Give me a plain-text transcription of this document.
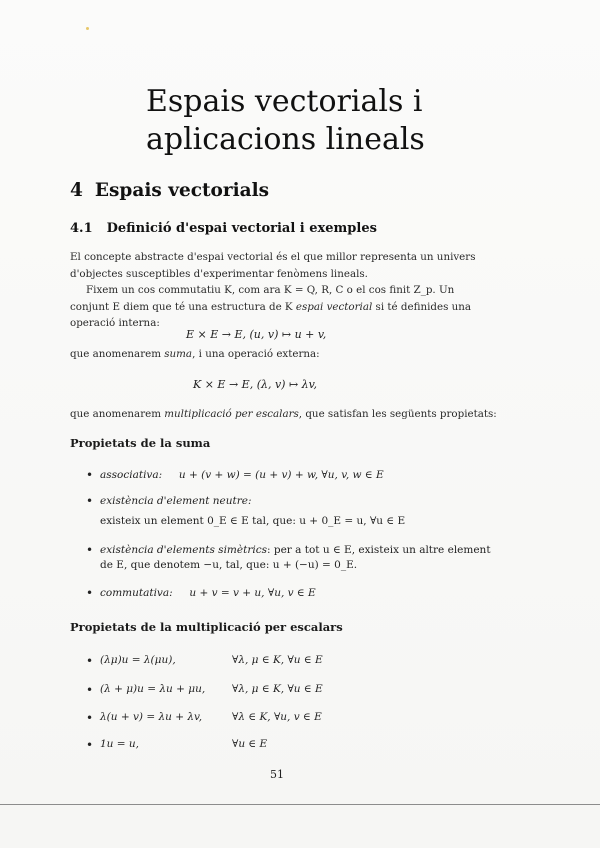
Espais vectorials i
aplicacions lineals
4 Espais vectorials
4.1 Definició d'espai vectorial i exemples
El concepte abstracte d'espai vectorial és el que millor representa un univers
d'objectes susceptibles d'experimentar fenòmens lineals.
Fixem un cos commutatiu K, com ara K = Q, R, C o el cos finit Z_p. Un
conjunt E diem que té una estructura de K espai vectorial si té definides una
operació interna:
E × E → E, (u, v) ↦ u + v,
que anomenarem suma, i una operació externa:
K × E → E, (λ, v) ↦ λv,
que anomenarem multiplicació per escalars, que satisfan les següents propietats:
Propietats de la suma
• associativa: u + (v + w) = (u + v) + w, ∀u, v, w ∈ E
• existència d'element neutre:
existeix un element 0_E ∈ E tal, que: u + 0_E = u, ∀u ∈ E
• existència d'elements simètrics: per a tot u ∈ E, existeix un altre element
de E, que denotem −u, tal, que: u + (−u) = 0_E.
• commutativa: u + v = v + u, ∀u, v ∈ E
Propietats de la multiplicació per escalars
• (λμ)u = λ(μu),	∀λ, μ ∈ K, ∀u ∈ E
• (λ + μ)u = λu + μu,	∀λ, μ ∈ K, ∀u ∈ E
• λ(u + v) = λu + λv,	∀λ ∈ K, ∀u, v ∈ E
• 1u = u,	∀u ∈ E
51
